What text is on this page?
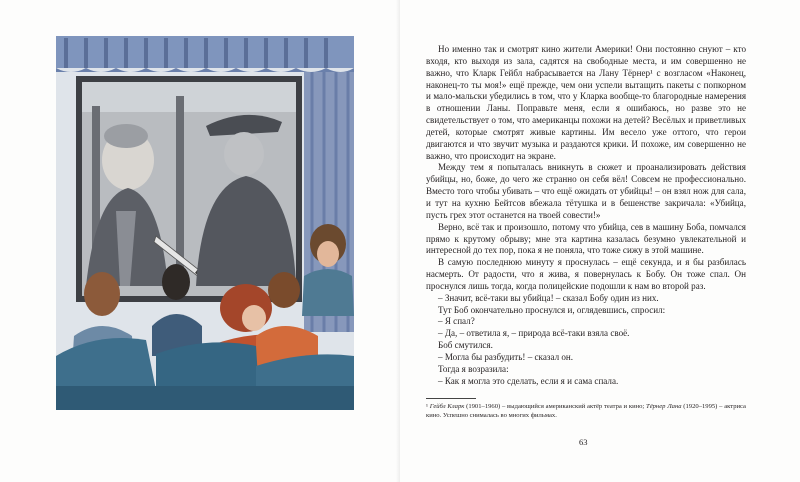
Но именно так и смотрят кино жители Америки! Они постоянно снуют – кто входя, кто выходя из зала, садятся на свободные места, и им совершенно не важно, что Кларк Гейбл набрасывается на Лану Тёрнер¹ с возгласом «Наконец, наконец-то ты моя!» ещё прежде, чем они успели вытащить пакеты с попкорном и мало-мальски убедились в том, что у Кларка вообще-то благородные намерения в отношении Ланы. Поправьте меня, если я ошибаюсь, но разве это не свидетельствует о том, что американцы похожи на детей? Весёлых и приветливых детей, которые смотрят живые картины. Им весело уже оттого, что герои двигаются и что звучит музыка и раздаются крики. И похоже, им совершенно не важно, что происходит на экране.

Между тем я попыталась вникнуть в сюжет и проанализировать действия убийцы, но, боже, до чего же странно он себя вёл! Совсем не профессионально. Вместо того чтобы убивать – что ещё ожидать от убийцы! – он взял нож для сала, и тут на кухню Бейтсов вбежала тётушка и в бешенстве закричала: «Убийца, пусть грех этот останется на твоей совести!»

Верно, всё так и произошло, потому что убийца, сев в машину Боба, помчался прямо к крутому обрыву; мне эта картина казалась безумно увлекательной и интересной до тех пор, пока я не поняла, что тоже сижу в этой машине.

В самую последнюю минуту я проснулась – ещё секунда, и я бы разбилась насмерть. От радости, что я жива, я повернулась к Бобу. Он тоже спал. Он проснулся лишь тогда, когда полицейские подошли к нам во второй раз.

– Значит, всё-таки вы убийца! – сказал Бобу один из них.

Тут Боб окончательно проснулся и, оглядевшись, спросил:

– Я спал?

– Да, – ответила я, – природа всё-таки взяла своё.

Боб смутился.

– Могла бы разбудить! – сказал он.

Тогда я возразила:

– Как я могла это сделать, если я и сама спала.

¹ Гейбл Кларк (1901–1960) – выдающийся американский актёр театра и кино; Тёрнер Лана (1920–1995) – актриса кино. Успешно снималась во многих фильмах.

63
